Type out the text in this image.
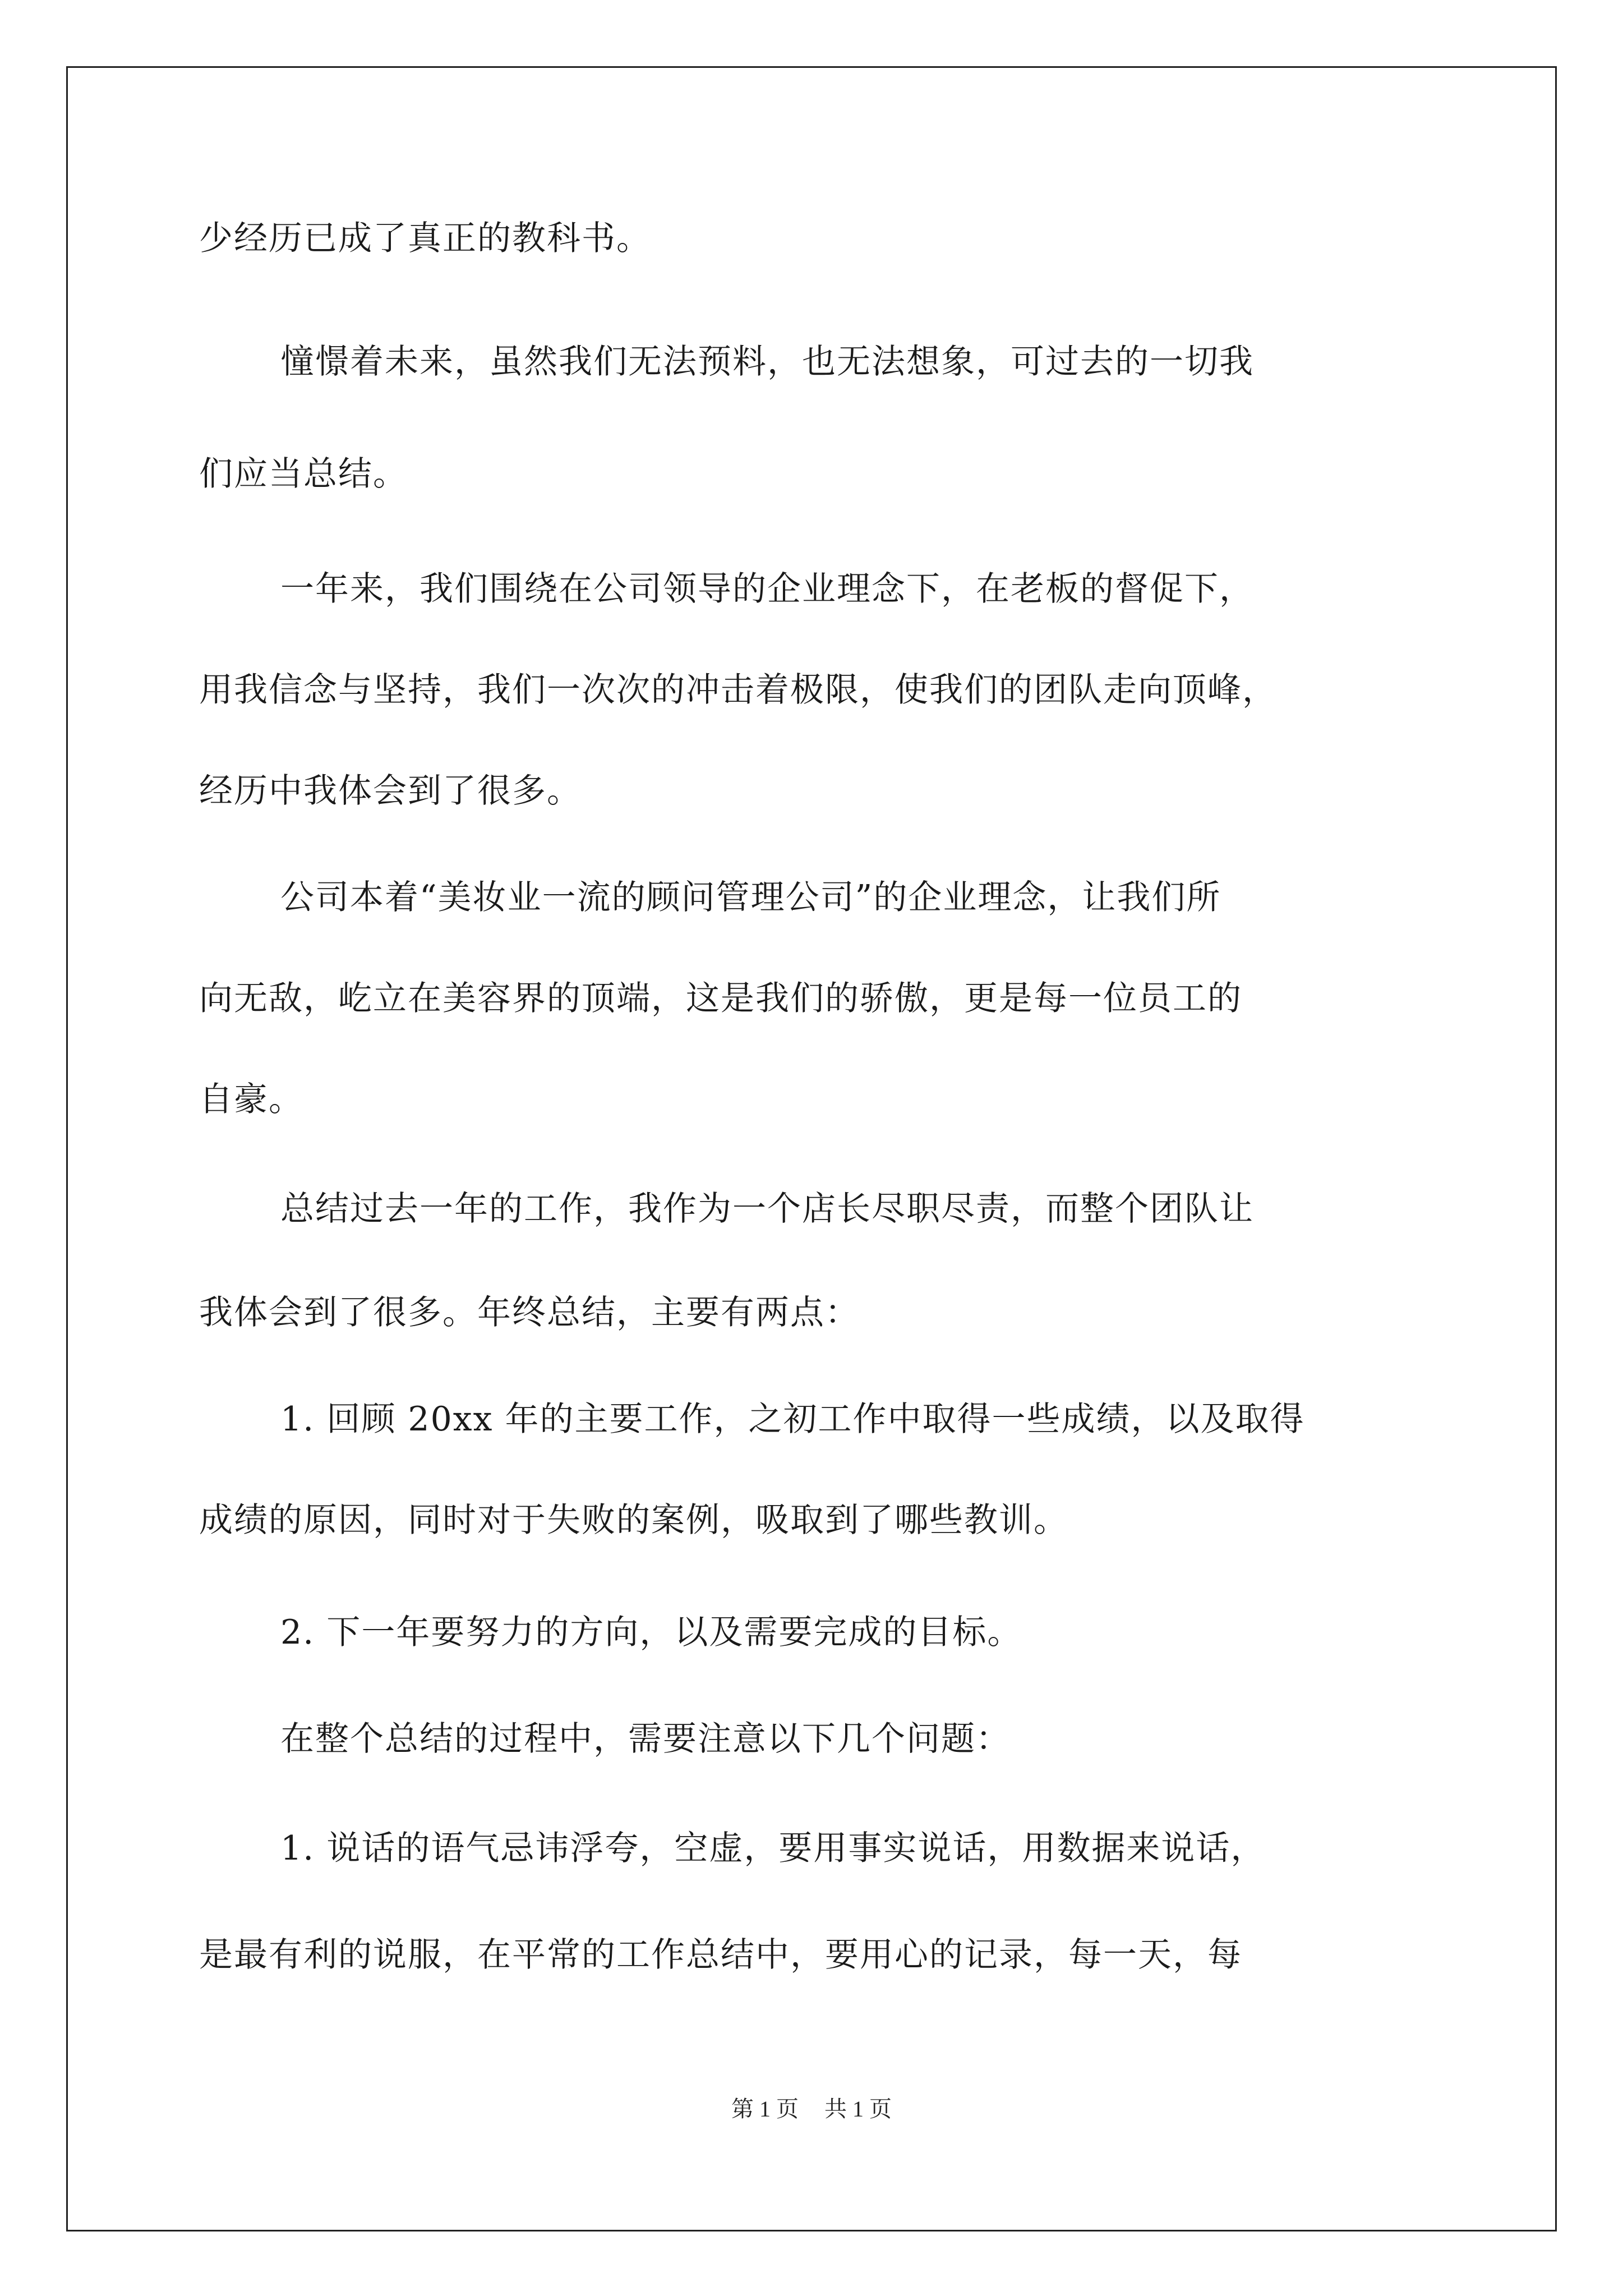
少经历已成了真正的教科书。
憧憬着未来，虽然我们无法预料，也无法想象，可过去的一切我
们应当总结。
一年来，我们围绕在公司领导的企业理念下，在老板的督促下，
用我信念与坚持，我们一次次的冲击着极限，使我们的团队走向顶峰，
经历中我体会到了很多。
公司本着“美妆业一流的顾问管理公司”的企业理念，让我们所
向无敌，屹立在美容界的顶端，这是我们的骄傲，更是每一位员工的
自豪。
总结过去一年的工作，我作为一个店长尽职尽责，而整个团队让
我体会到了很多。年终总结，主要有两点：
1. 回顾 20xx 年的主要工作，之初工作中取得一些成绩，以及取得
成绩的原因，同时对于失败的案例，吸取到了哪些教训。
2. 下一年要努力的方向，以及需要完成的目标。
在整个总结的过程中，需要注意以下几个问题：
1. 说话的语气忌讳浮夸，空虚，要用事实说话，用数据来说话，
是最有利的说服，在平常的工作总结中，要用心的记录，每一天，每
第 1 页 共 1 页
